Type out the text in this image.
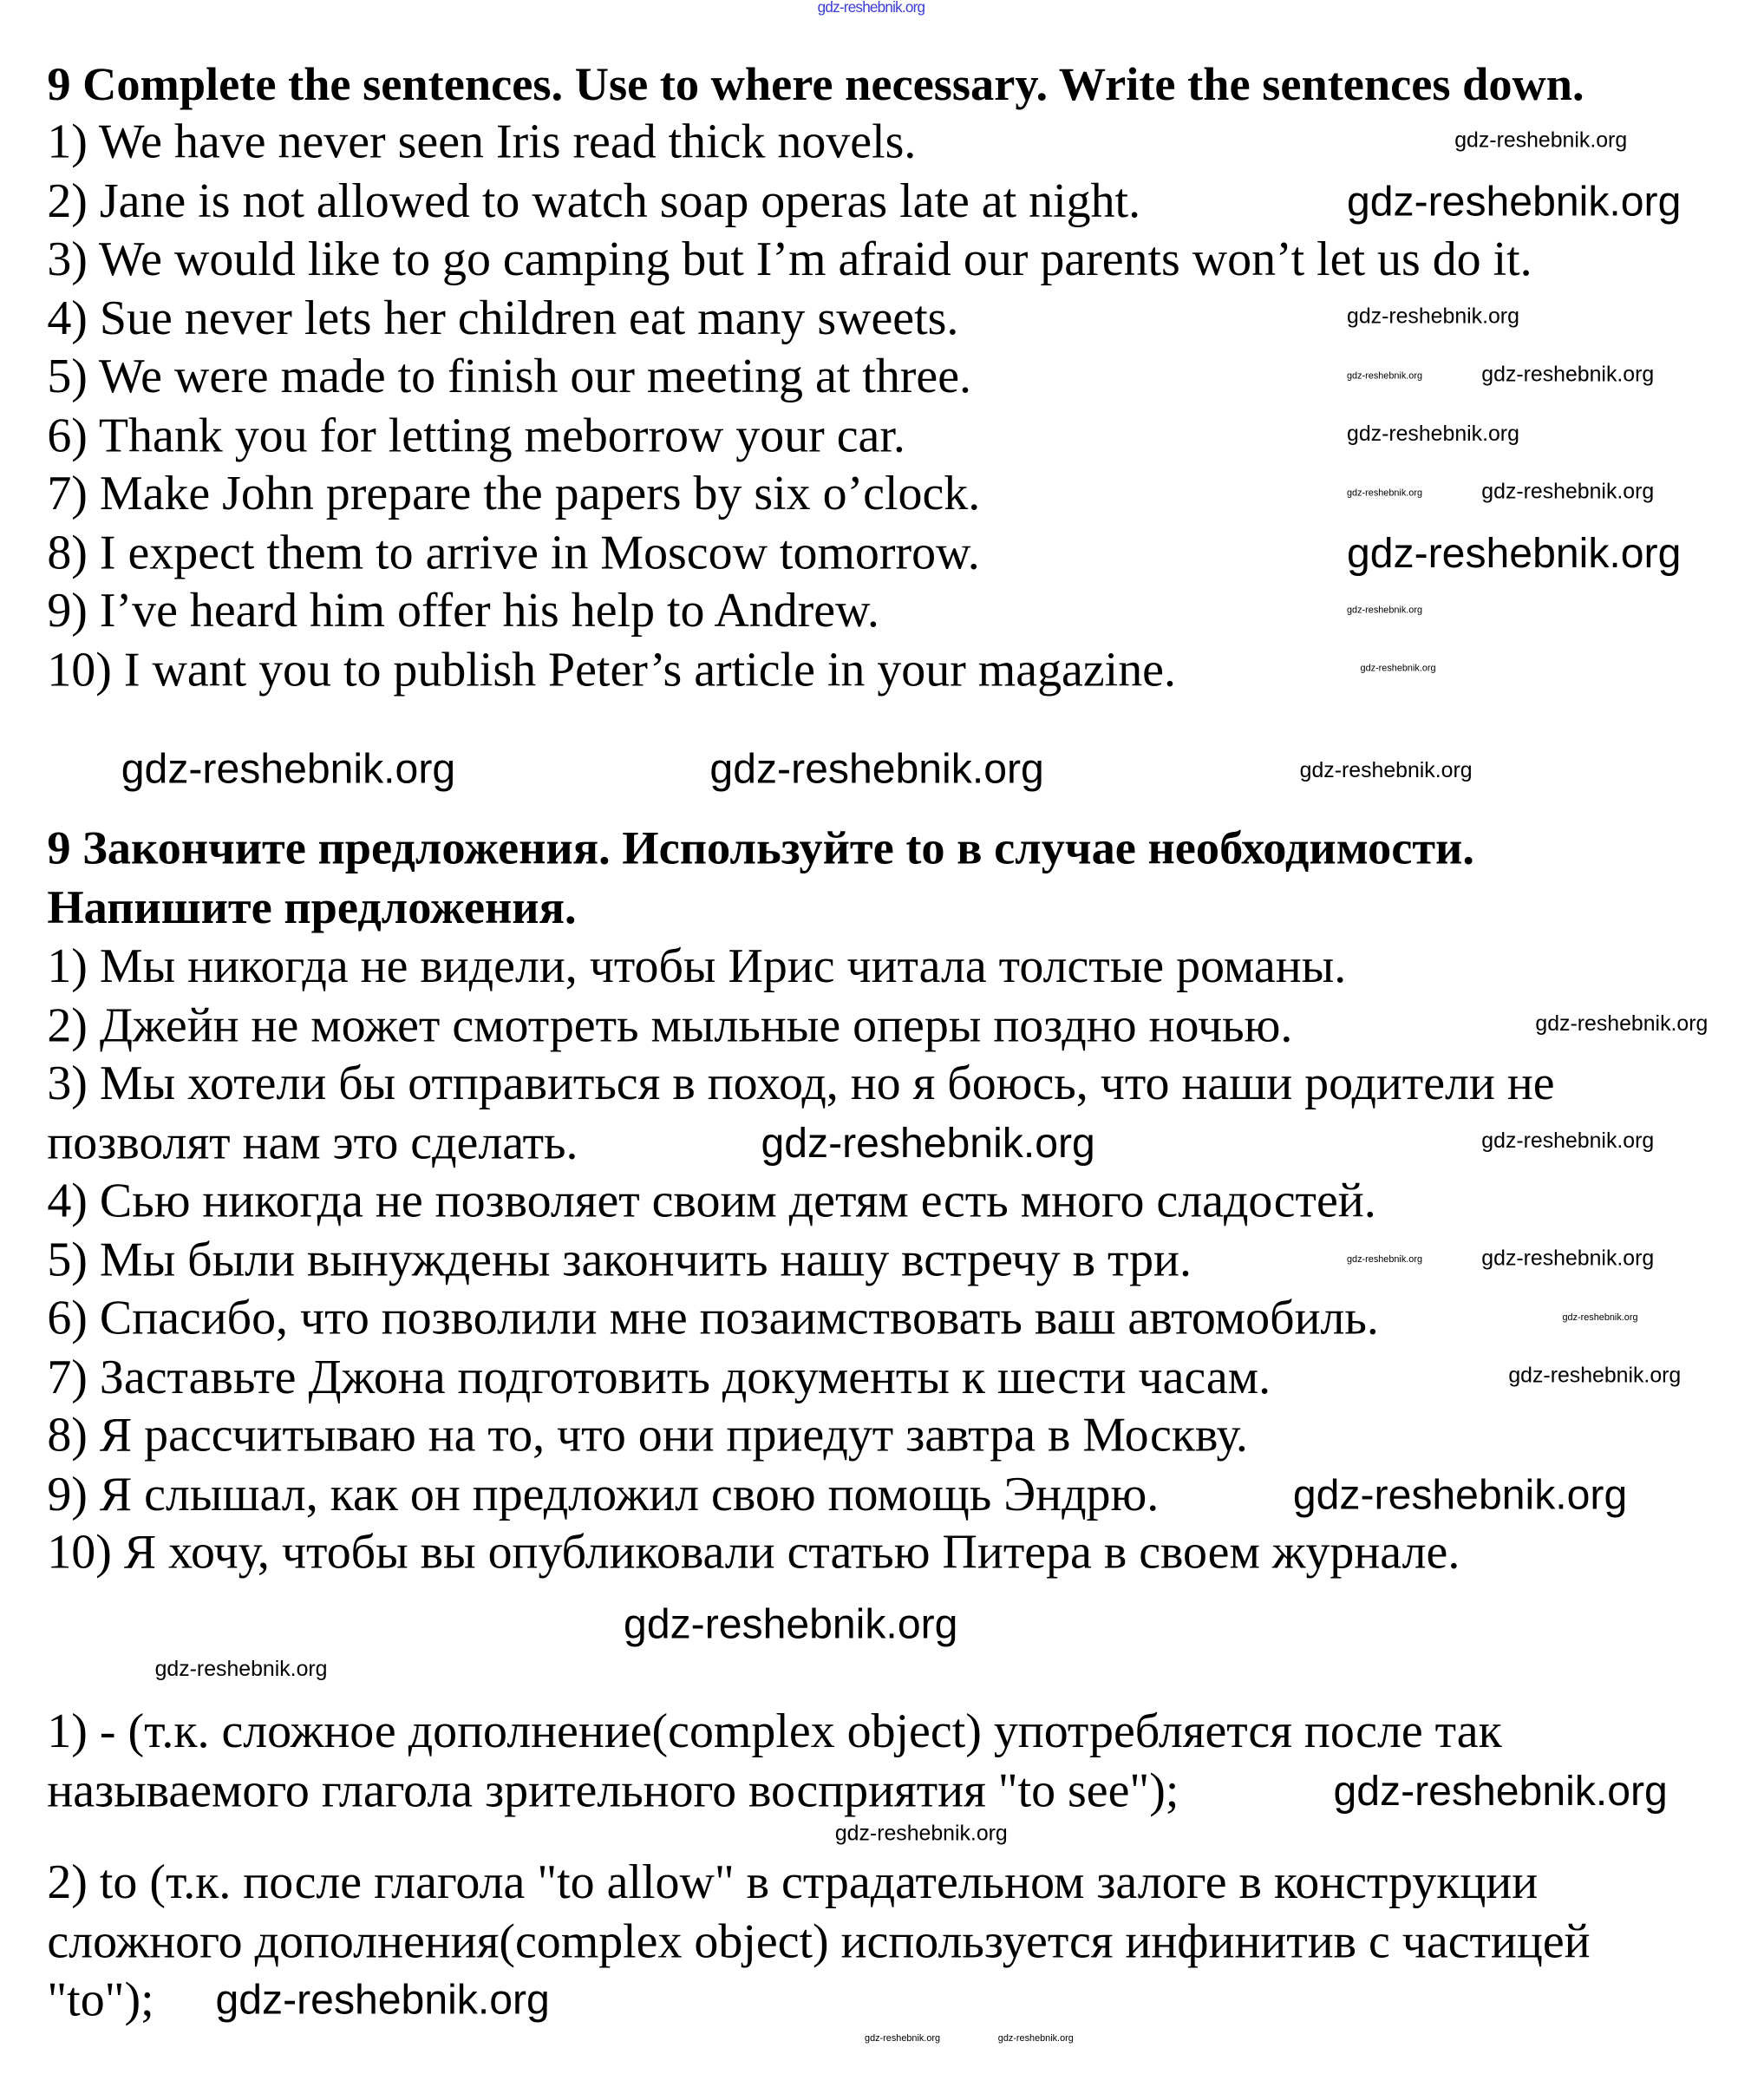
9 Complete the sentences. Use to where necessary. Write the sentences down.
1) We have never seen Iris read thick novels.
2) Jane is not allowed to watch soap operas late at night.
3) We would like to go camping but I’m afraid our parents won’t let us do it.
4) Sue never lets her children eat many sweets.
5) We were made to finish our meeting at three.
6) Thank you for letting meborrow your car.
7) Make John prepare the papers by six o’clock.
8) I expect them to arrive in Moscow tomorrow.
9) I’ve heard him offer his help to Andrew.
10) I want you to publish Peter’s article in your magazine.
9 Закончите предложения. Используйте to в случае необходимости.
Напишите предложения.
1) Мы никогда не видели, чтобы Ирис читала толстые романы.
2) Джейн не может смотреть мыльные оперы поздно ночью.
3) Мы хотели бы отправиться в поход, но я боюсь, что наши родители не
позволят нам это сделать.
4) Сью никогда не позволяет своим детям есть много сладостей.
5) Мы были вынуждены закончить нашу встречу в три.
6) Спасибо, что позволили мне позаимствовать ваш автомобиль.
7) Заставьте Джона подготовить документы к шести часам.
8) Я рассчитываю на то, что они приедут завтра в Москву.
9) Я слышал, как он предложил свою помощь Эндрю.
10) Я хочу, чтобы вы опубликовали статью Питера в своем журнале.
1) - (т.к. сложное дополнение(complex object) употребляется после так
называемого глагола зрительного восприятия "to see");
2) to (т.к. после глагола "to allow" в страдательном залоге в конструкции
сложного дополнения(complex object) используется инфинитив с частицей
"to");
gdz-reshebnik.org
gdz-reshebnik.org
gdz-reshebnik.org
gdz-reshebnik.org
gdz-reshebnik.org	gdz-reshebnik.org
gdz-reshebnik.org
gdz-reshebnik.org	gdz-reshebnik.org
gdz-reshebnik.org
gdz-reshebnik.org
gdz-reshebnik.org
gdz-reshebnik.org	gdz-reshebnik.org	gdz-reshebnik.org
gdz-reshebnik.org
gdz-reshebnik.org	gdz-reshebnik.org
gdz-reshebnik.org	gdz-reshebnik.org
gdz-reshebnik.org
gdz-reshebnik.org
gdz-reshebnik.org
gdz-reshebnik.org
gdz-reshebnik.org
gdz-reshebnik.org
gdz-reshebnik.org
gdz-reshebnik.org
gdz-reshebnik.org	gdz-reshebnik.org
